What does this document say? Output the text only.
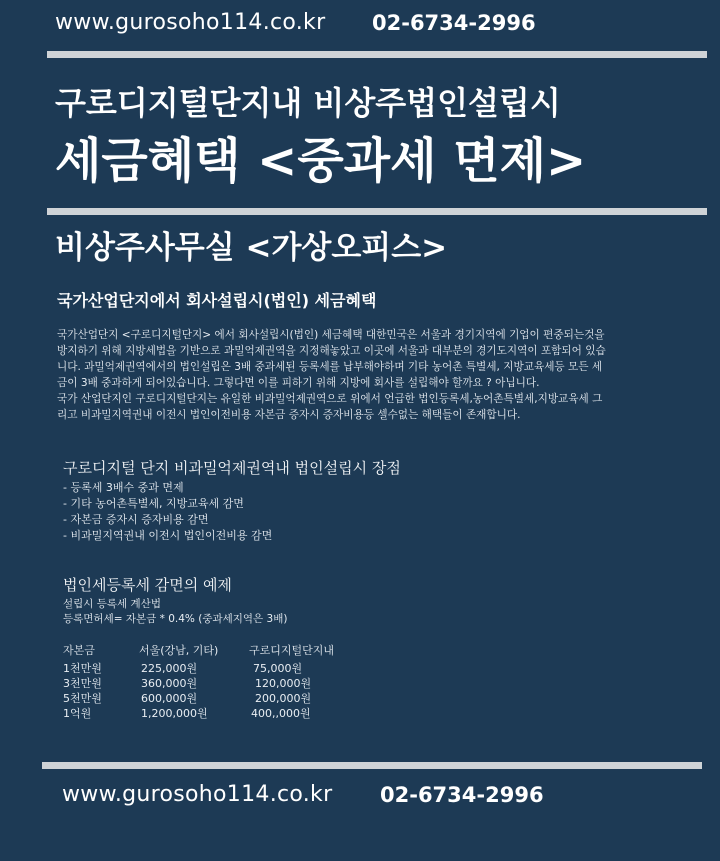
www.gurosoho114.co.kr 02-6734-2996
구로디지털단지내 비상주법인설립시
세금혜택 <중과세 면제>
비상주사무실 <가상오피스>
국가산업단지에서 회사설립시(법인) 세금혜택
국가산업단지 <구로디지털단지> 에서 회사설립시(법인) 세금혜택 대한민국은 서울과 경기지역에 기업이 편중되는것을
방지하기 위해 지방세법을 기반으로 과밀억제권역을 지정해놓았고 이곳에 서울과 대부분의 경기도지역이 포함되어 있습
니다. 과밀억제권역에서의 법인설립은 3배 중과세된 등록세를 납부해야하며 기타 농어촌 특별세, 지방교육세등 모든 세
금이 3배 중과하게 되어있습니다. 그렇다면 이를 피하기 위해 지방에 회사를 설립해야 할까요 ? 아닙니다.
국가 산업단지인 구로디지털단지는 유일한 비과밀억제권역으로 위에서 언급한 법인등록세,농어촌특별세,지방교육세 그
리고 비과밀지역권내 이전시 법인이전비용 자본금 증자시 증자비용등 셀수없는 해택들이 존재합니다.
구로디지털 단지 비과밀억제권역내 법인설립시 장점
- 등록세 3배수 중과 면제
- 기타 농어촌특별세, 지방교육세 감면
- 자본금 증자시 증자비용 감면
- 비과밀지역권내 이전시 법인이전비용 감면
법인세등록세 감면의 예제
설립시 등록세 계산법
등록면허세= 자본금 * 0.4% (중과세지역은 3배)
자본금	서울(강남, 기타)	구로디지털단지내
1천만원	225,000원	75,000원
3천만원	360,000원	120,000원
5천만원	600,000원	200,000원
1억원	1,200,000원	400,,000원
www.gurosoho114.co.kr 02-6734-2996
